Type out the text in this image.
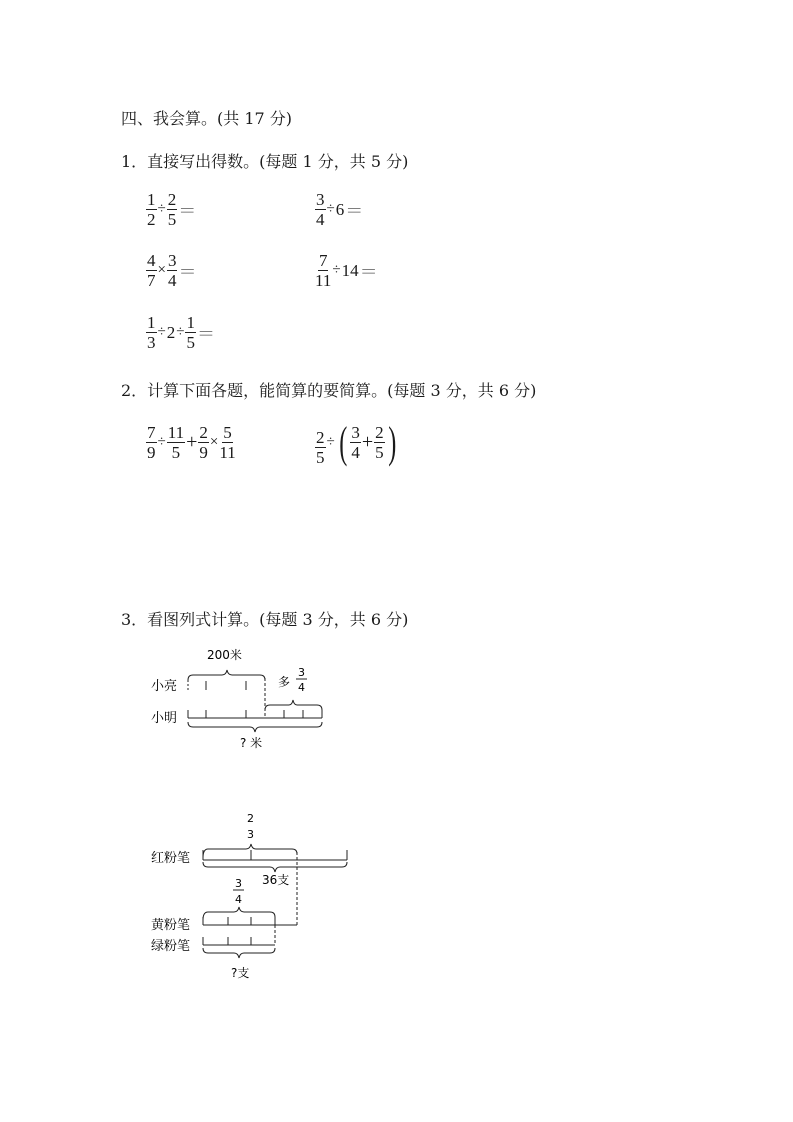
四、我会算。(共 17 分)
1．直接写出得数。(每题 1 分，共 5 分)
$\frac{1}{2} \div \frac{2}{5}$ ＝	$\frac{3}{4} \div 6$ ＝
$\frac{4}{7} \times \frac{3}{4}$ ＝	$\frac{7}{11} \div 14$ ＝
$\frac{1}{3} \div 2 \div \frac{1}{5}$ ＝
2．计算下面各题，能简算的要简算。(每题 3 分，共 6 分)
$\frac{7}{9} \div \frac{11}{5} + \frac{2}{9} \times \frac{5}{11}$	$\frac{2}{5}$ ÷ ( $\frac{3}{4} + \frac{2}{5}$ )
3．看图列式计算。(每题 3 分，共 6 分)
200米
小亮
小明
多
3
4
? 米
2
3
红粉笔
36支
3
4
黄粉笔
绿粉笔
?支
